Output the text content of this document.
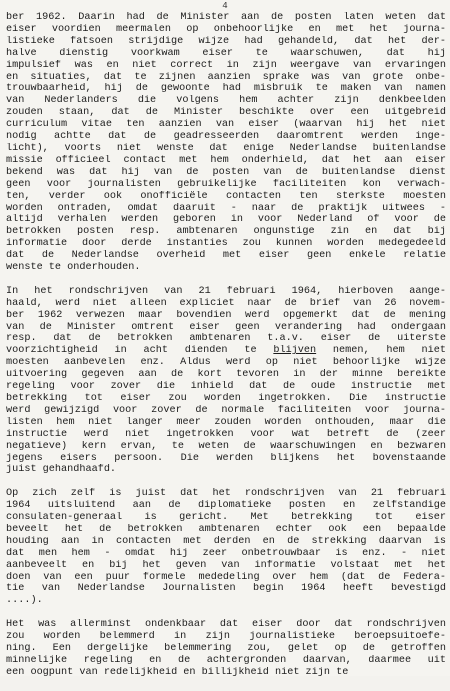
4
ber 1962. Daarin had de Minister aan de posten laten weten dat
eiser voordien meermalen op onbehoorlijke en met het journa-
listieke fatsoen strijdige wijze had gehandeld, dat het der-
halve dienstig voorkwam eiser te waarschuwen, dat hij
impulsief was en niet correct in zijn weergave van ervaringen
en situaties, dat te zijnen aanzien sprake was van grote onbe-
trouwbaarheid, hij de gewoonte had misbruik te maken van namen
van Nederlanders die volgens hem achter zijn denkbeelden
zouden staan, dat de Minister beschikte over een uitgebreid
curriculum vitae ten aanzien van eiser (waarvan hij het niet
nodig achtte dat de geadresseerden daaromtrent werden inge-
licht), voorts niet wenste dat enige Nederlandse buitenlandse
missie officieel contact met hem onderhield, dat het aan eiser
bekend was dat hij van de posten van de buitenlandse dienst
geen voor journalisten gebruikelijke faciliteiten kon verwach-
ten, verder ook onofficiële contacten ten sterkste moesten
worden ontraden, omdat daaruit - naar de praktijk uitwees -
altijd verhalen werden geboren in voor Nederland of voor de
betrokken posten resp. ambtenaren ongunstige zin en dat bij
informatie door derde instanties zou kunnen worden medegedeeld
dat de Nederlandse overheid met eiser geen enkele relatie
wenste te onderhouden.
In het rondschrijven van 21 februari 1964, hierboven aange-
haald, werd niet alleen expliciet naar de brief van 26 novem-
ber 1962 verwezen maar bovendien werd opgemerkt dat de mening
van de Minister omtrent eiser geen verandering had ondergaan
resp. dat de betrokken ambtenaren t.a.v. eiser de uiterste
voorzichtigheid in acht dienden te blijven nemen, hem niet
moesten aanbevelen enz. Aldus werd op niet behoorlijke wijze
uitvoering gegeven aan de kort tevoren in der minne bereikte
regeling voor zover die inhield dat de oude instructie met
betrekking tot eiser zou worden ingetrokken. Die instructie
werd gewijzigd voor zover de normale faciliteiten voor journa-
listen hem niet langer meer zouden worden onthouden, maar die
instructie werd niet ingetrokken voor wat betreft de (zeer
negatieve) kern ervan, te weten de waarschuwingen en bezwaren
jegens eisers persoon. Die werden blijkens het bovenstaande
juist gehandhaafd.
Op zich zelf is juist dat het rondschrijven van 21 februari
1964 uitsluitend aan de diplomatieke posten en zelfstandige
consulaten-generaal is gericht. Met betrekking tot eiser
beveelt het de betrokken ambtenaren echter ook een bepaalde
houding aan in contacten met derden en de strekking daarvan is
dat men hem - omdat hij zeer onbetrouwbaar is enz. - niet
aanbeveelt en bij het geven van informatie volstaat met het
doen van een puur formele mededeling over hem (dat de Federa-
tie van Nederlandse Journalisten begin 1964 heeft bevestigd
....).
Het was allerminst ondenkbaar dat eiser door dat rondschrijven
zou worden belemmerd in zijn journalistieke beroepsuitoefe-
ning. Een dergelijke belemmering zou, gelet op de getroffen
minnelijke regeling en de achtergronden daarvan, daarmee uit
een oogpunt van redelijkheid en billijkheid niet zijn te
